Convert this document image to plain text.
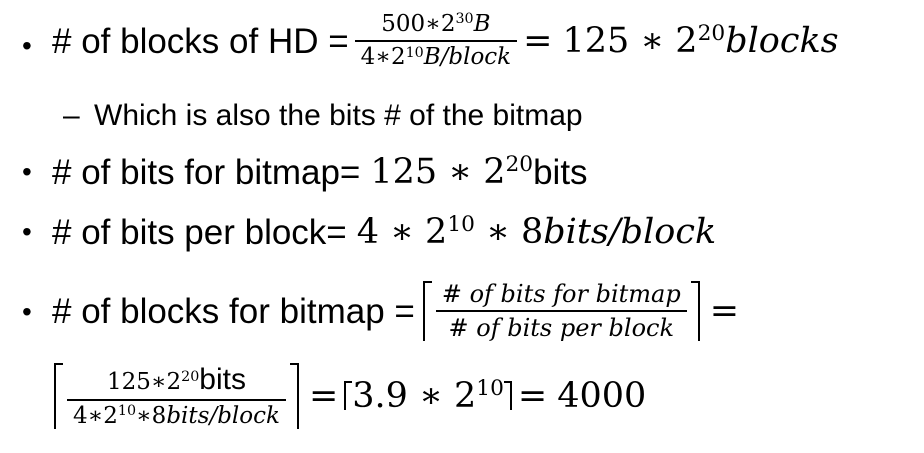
• # of blocks of HD = $\frac{500∗2^{30}B}{4∗2^{10}B/block} = 125$ ∗ $2^{20}blocks$
– Which is also the bits # of the bitmap
• # of bits for bitmap= 125 ∗ $2^{20}$ bits
• # of bits per block= 4 ∗ $2^{10}$ ∗ 8bits/block
• # of blocks for bitmap = $\frac{\text{\# of bits for bitmap}}{\text{\# of bits per block}}$ =
$\frac{125∗2^{20}bits}{4∗2^{10}∗8bits/block} = 3.9$ ∗ $2^{10} = 4000$
